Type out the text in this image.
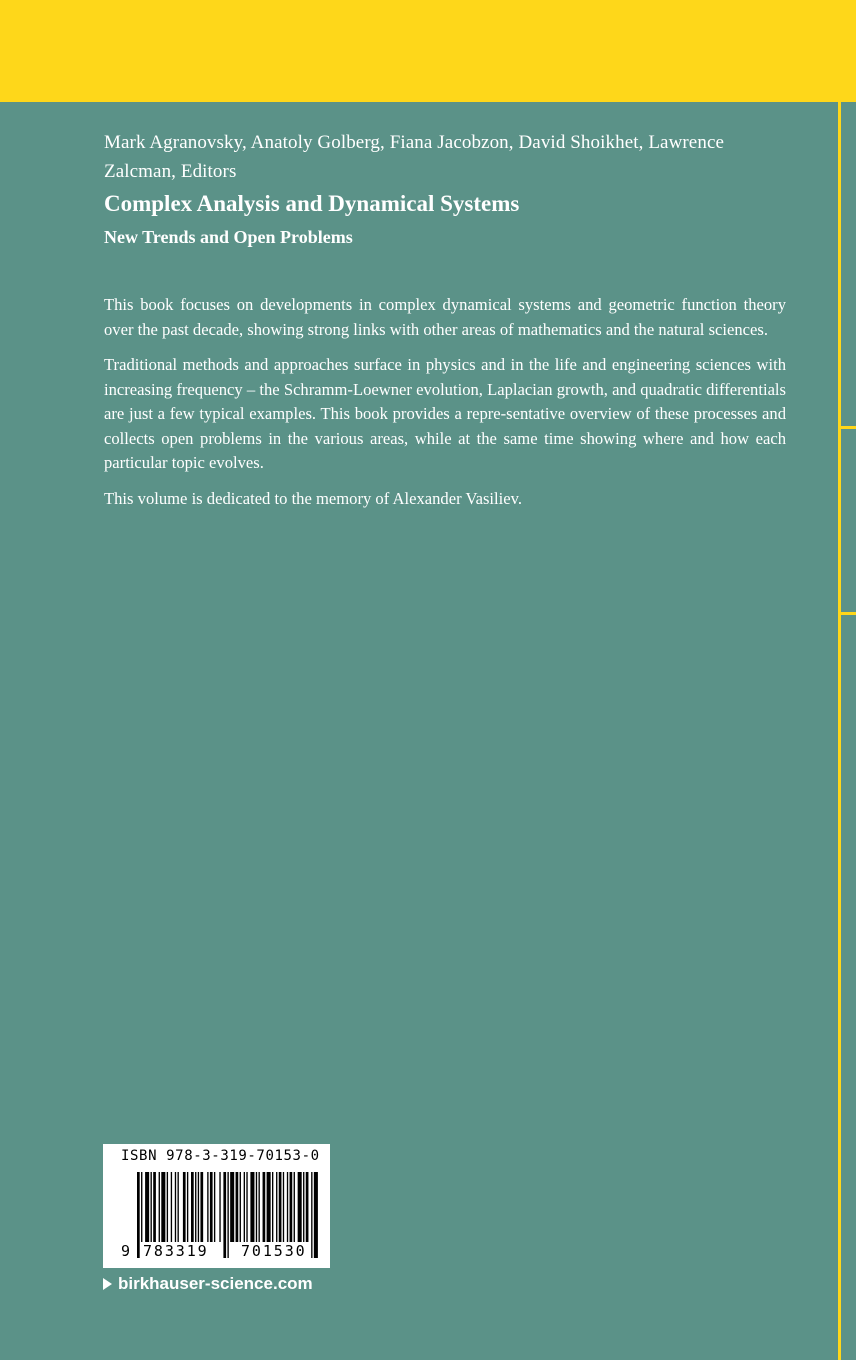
Mark Agranovsky, Anatoly Golberg, Fiana Jacobzon, David Shoikhet, Lawrence Zalcman, Editors

Complex Analysis and Dynamical Systems
New Trends and Open Problems

This book focuses on developments in complex dynamical systems and geometric function theory over the past decade, showing strong links with other areas of mathematics and the natural sciences.

Traditional methods and approaches surface in physics and in the life and engineering sciences with increasing frequency – the Schramm-Loewner evolution, Laplacian growth, and quadratic differentials are just a few typical examples. This book provides a repre-sentative overview of these processes and collects open problems in the various areas, while at the same time showing where and how each particular topic evolves.

This volume is dedicated to the memory of Alexander Vasiliev.

ISBN 978-3-319-70153-0
9 783319 701530
birkhauser-science.com
